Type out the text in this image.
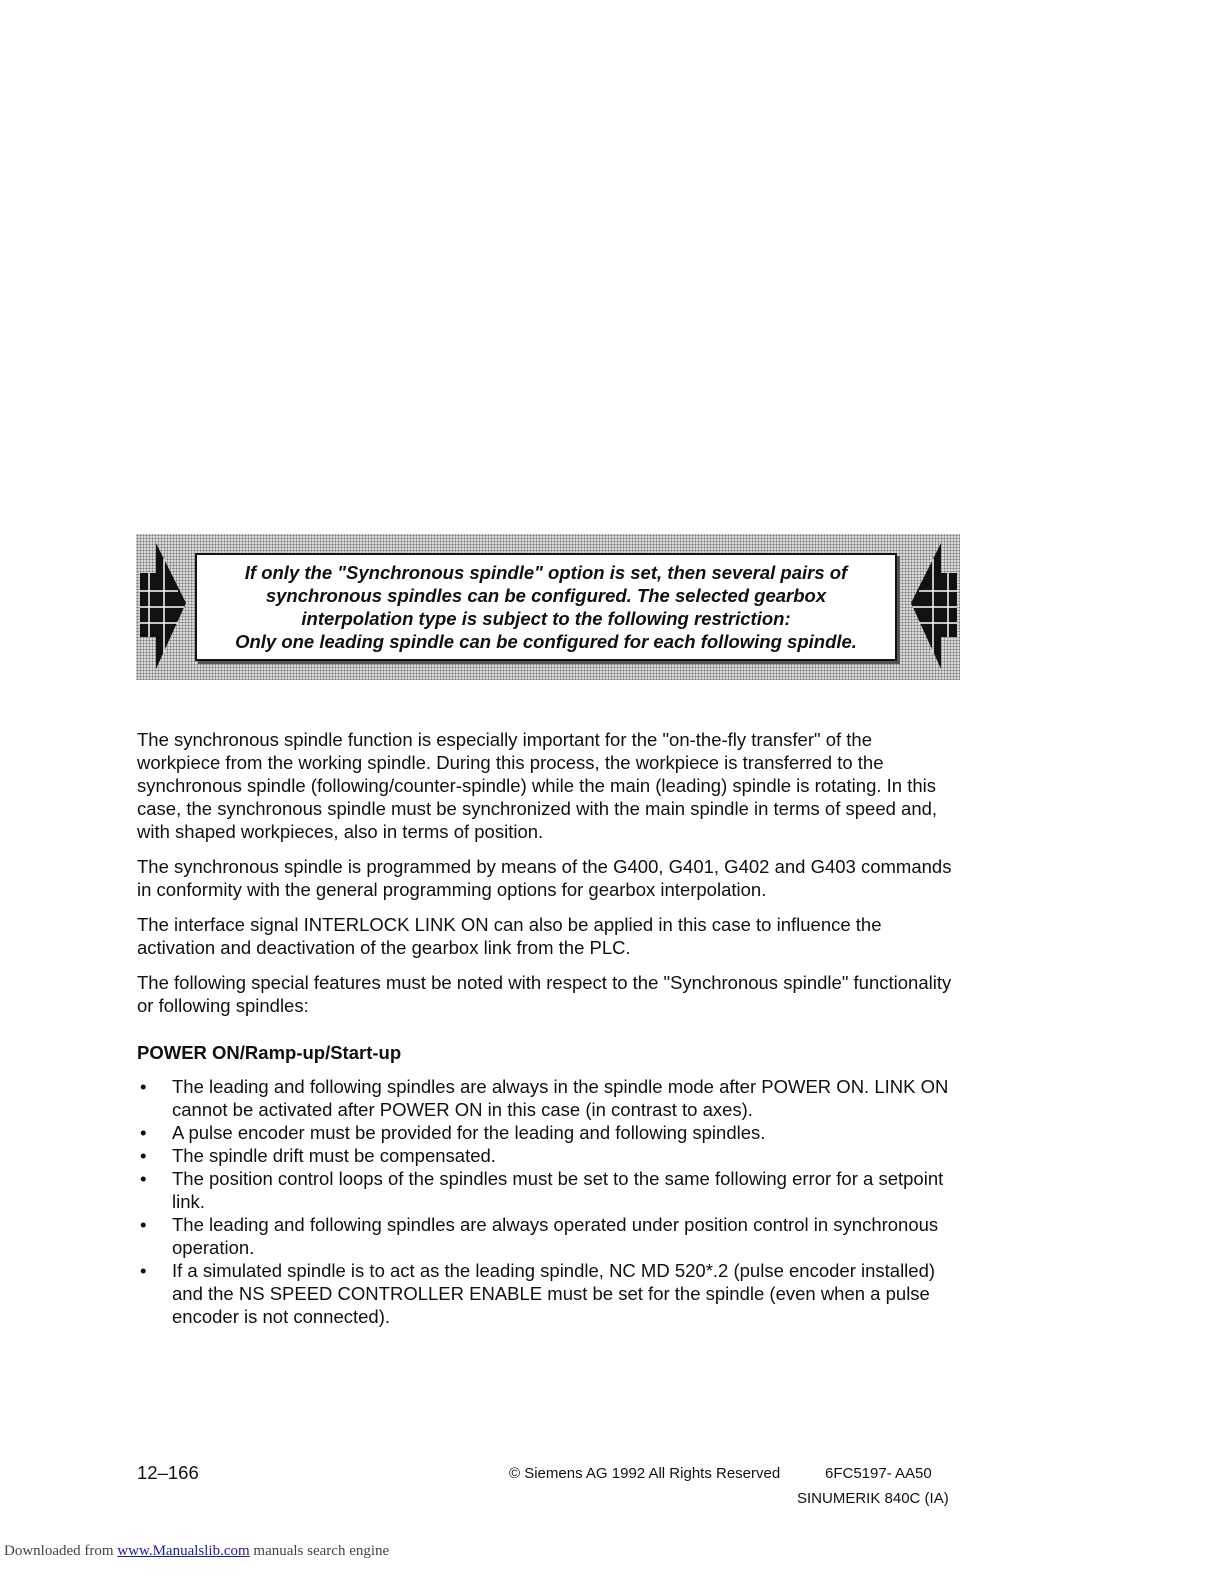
If only the "Synchronous spindle" option is set, then several pairs of
synchronous spindles can be configured. The selected gearbox
interpolation type is subject to the following restriction:
Only one leading spindle can be configured for each following spindle.

The synchronous spindle function is especially important for the "on-the-fly transfer" of the workpiece from the working spindle. During this process, the workpiece is transferred to the synchronous spindle (following/counter-spindle) while the main (leading) spindle is rotating. In this case, the synchronous spindle must be synchronized with the main spindle in terms of speed and, with shaped workpieces, also in terms of position.

The synchronous spindle is programmed by means of the G400, G401, G402 and G403 commands in conformity with the general programming options for gearbox interpolation.

The interface signal INTERLOCK LINK ON can also be applied in this case to influence the activation and deactivation of the gearbox link from the PLC.

The following special features must be noted with respect to the "Synchronous spindle" functionality or following spindles:

POWER ON/Ramp-up/Start-up
• The leading and following spindles are always in the spindle mode after POWER ON. LINK ON cannot be activated after POWER ON in this case (in contrast to axes).
• A pulse encoder must be provided for the leading and following spindles.
• The spindle drift must be compensated.
• The position control loops of the spindles must be set to the same following error for a setpoint link.
• The leading and following spindles are always operated under position control in synchronous operation.
• If a simulated spindle is to act as the leading spindle, NC MD 520*.2 (pulse encoder installed) and the NS SPEED CONTROLLER ENABLE must be set for the spindle (even when a pulse encoder is not connected).
12–166	© Siemens AG 1992 All Rights Reserved	6FC5197- AA50
SINUMERIK 840C (IA)
Downloaded from www.Manualslib.com manuals search engine
